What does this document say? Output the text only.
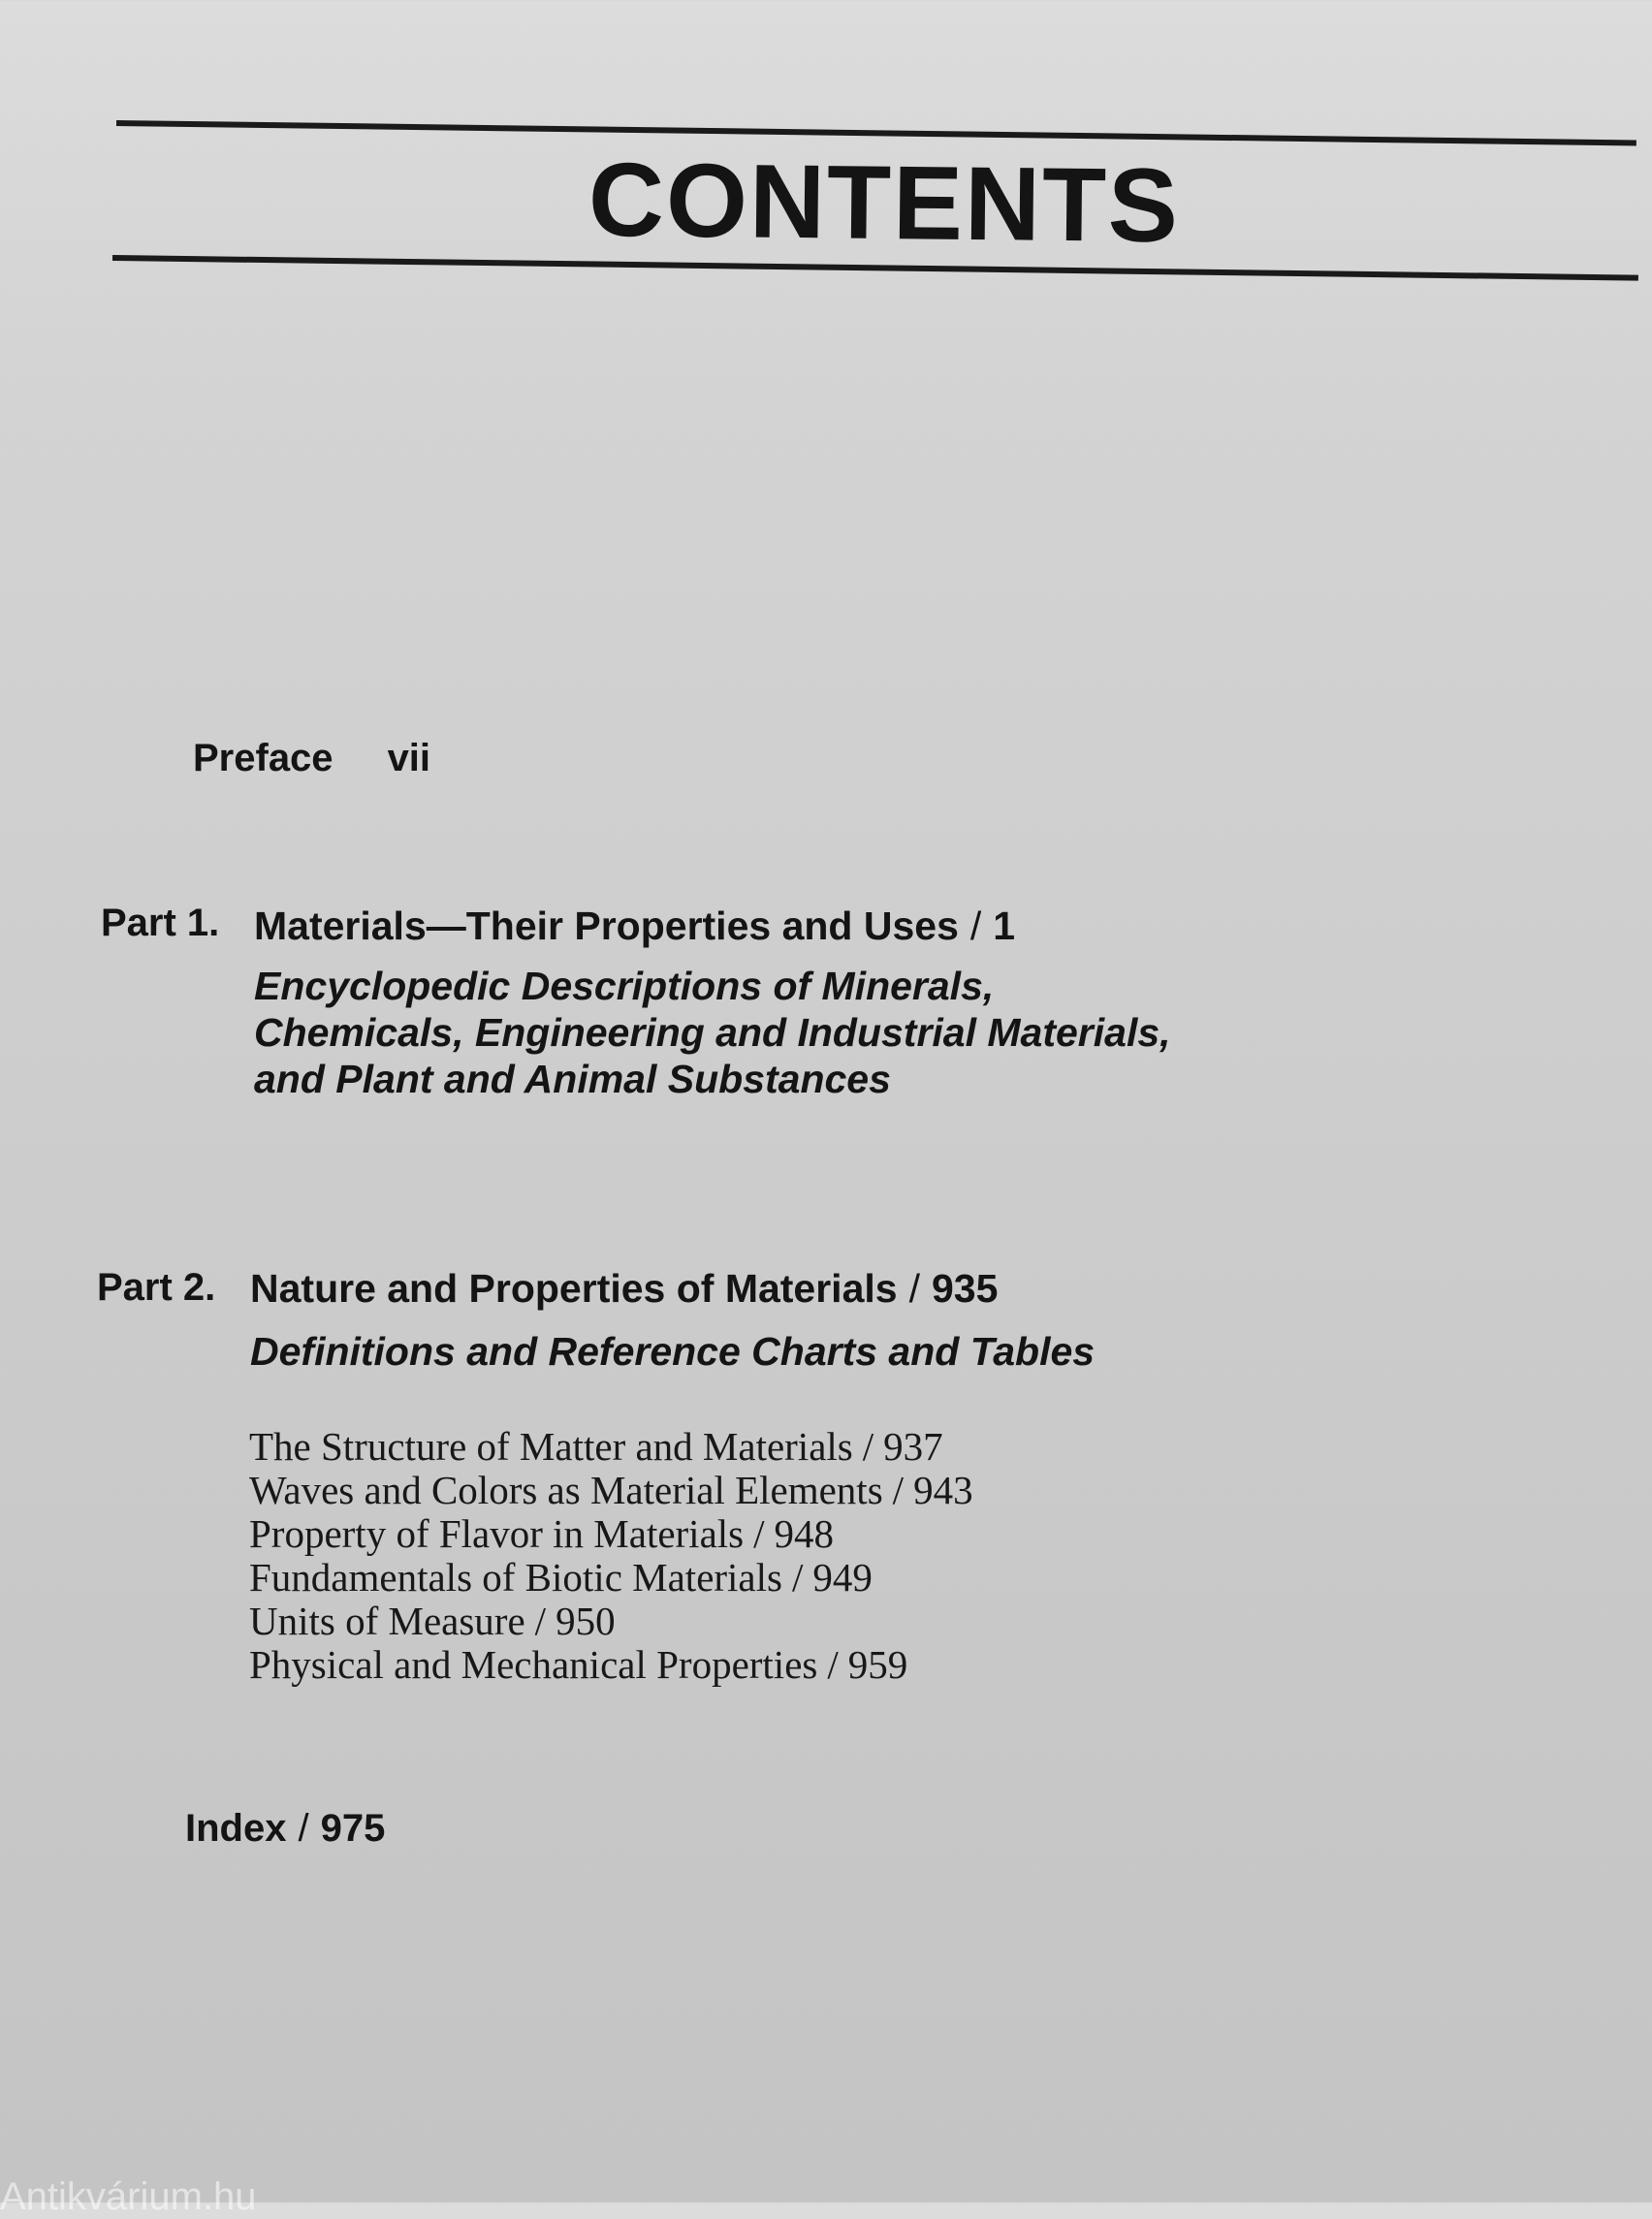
CONTENTS
Preface vii
Part 1. Materials—Their Properties and Uses / 1
Encyclopedic Descriptions of Minerals,
Chemicals, Engineering and Industrial Materials,
and Plant and Animal Substances
Part 2. Nature and Properties of Materials / 935
Definitions and Reference Charts and Tables
The Structure of Matter and Materials / 937
Waves and Colors as Material Elements / 943
Property of Flavor in Materials / 948
Fundamentals of Biotic Materials / 949
Units of Measure / 950
Physical and Mechanical Properties / 959
Index / 975
Antikvárium.hu
